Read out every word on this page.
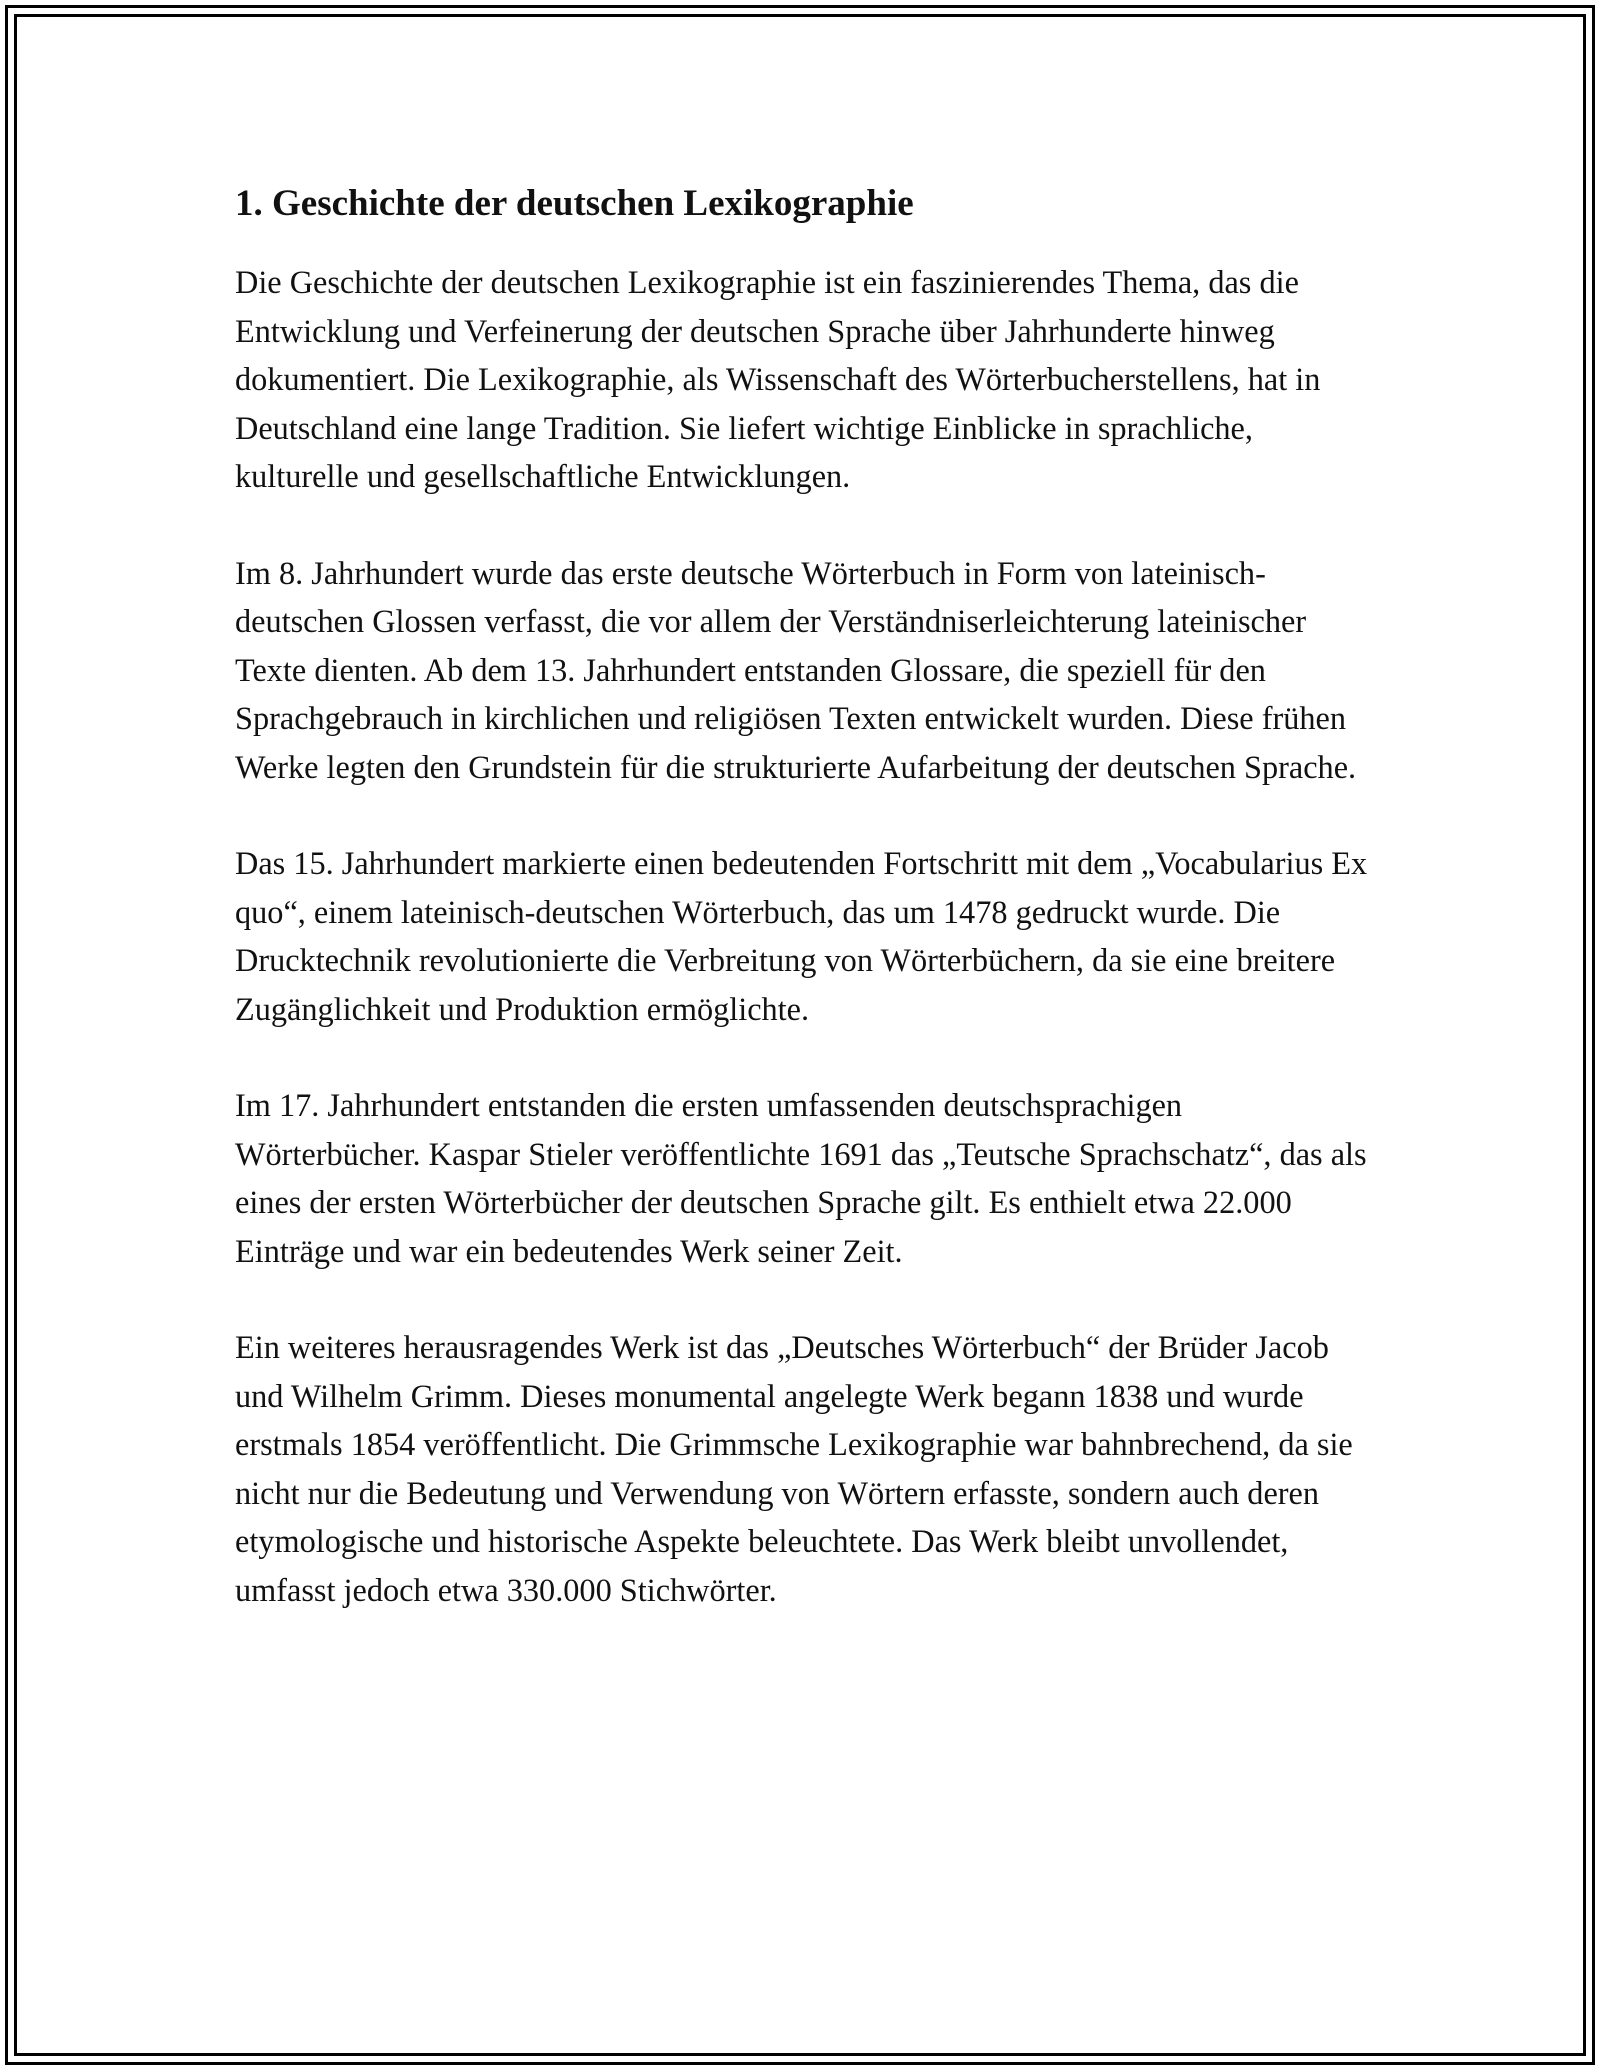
1. Geschichte der deutschen Lexikographie

Die Geschichte der deutschen Lexikographie ist ein faszinierendes Thema, das die Entwicklung und Verfeinerung der deutschen Sprache über Jahrhunderte hinweg dokumentiert. Die Lexikographie, als Wissenschaft des Wörterbucherstellens, hat in Deutschland eine lange Tradition. Sie liefert wichtige Einblicke in sprachliche, kulturelle und gesellschaftliche Entwicklungen.

Im 8. Jahrhundert wurde das erste deutsche Wörterbuch in Form von lateinisch-deutschen Glossen verfasst, die vor allem der Verständniserleichterung lateinischer Texte dienten. Ab dem 13. Jahrhundert entstanden Glossare, die speziell für den Sprachgebrauch in kirchlichen und religiösen Texten entwickelt wurden. Diese frühen Werke legten den Grundstein für die strukturierte Aufarbeitung der deutschen Sprache.

Das 15. Jahrhundert markierte einen bedeutenden Fortschritt mit dem „Vocabularius Ex quo“, einem lateinisch-deutschen Wörterbuch, das um 1478 gedruckt wurde. Die Drucktechnik revolutionierte die Verbreitung von Wörterbüchern, da sie eine breitere Zugänglichkeit und Produktion ermöglichte.

Im 17. Jahrhundert entstanden die ersten umfassenden deutschsprachigen Wörterbücher. Kaspar Stieler veröffentlichte 1691 das „Teutsche Sprachschatz“, das als eines der ersten Wörterbücher der deutschen Sprache gilt. Es enthielt etwa 22.000 Einträge und war ein bedeutendes Werk seiner Zeit.

Ein weiteres herausragendes Werk ist das „Deutsches Wörterbuch“ der Brüder Jacob und Wilhelm Grimm. Dieses monumental angelegte Werk begann 1838 und wurde erstmals 1854 veröffentlicht. Die Grimmsche Lexikographie war bahnbrechend, da sie nicht nur die Bedeutung und Verwendung von Wörtern erfasste, sondern auch deren etymologische und historische Aspekte beleuchtete. Das Werk bleibt unvollendet, umfasst jedoch etwa 330.000 Stichwörter.
